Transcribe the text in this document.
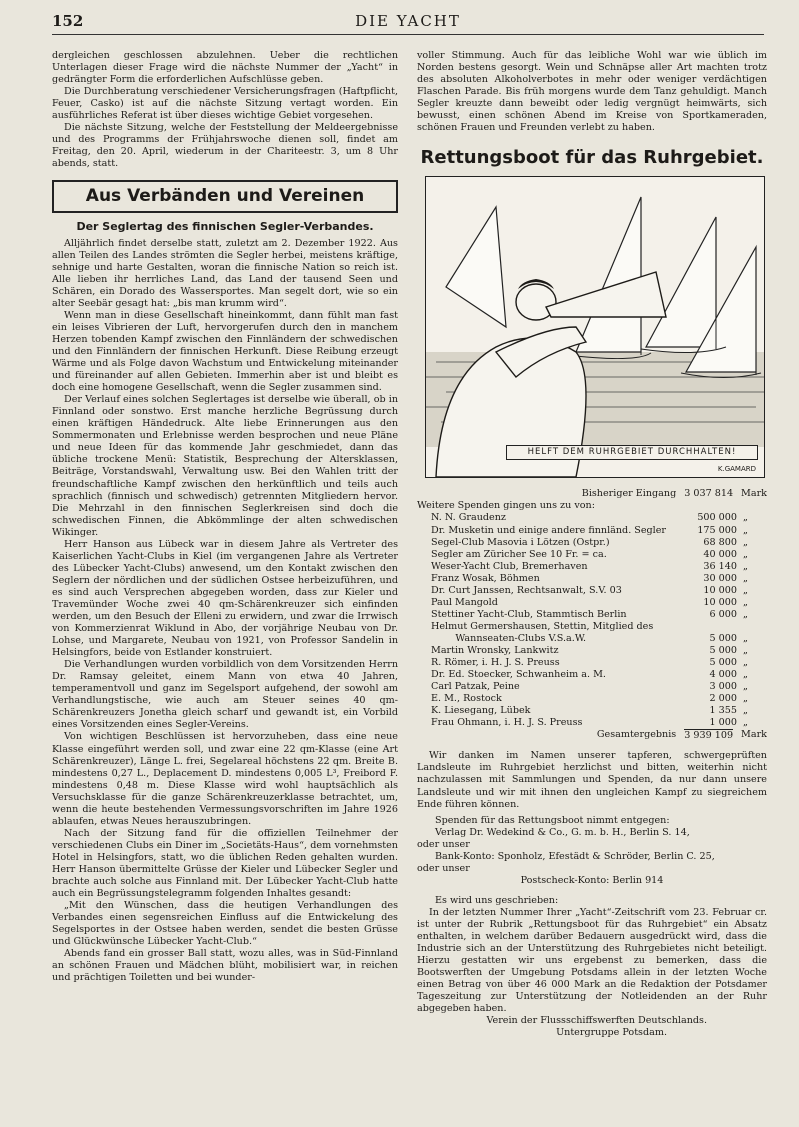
152	DIE YACHT

dergleichen geschlossen abzulehnen. Ueber die rechtlichen Unterlagen dieser Frage wird die nächste Nummer der „Yacht“ in gedrängter Form die erforderlichen Aufschlüsse geben.

Die Durchberatung verschiedener Versicherungsfragen (Haftpflicht, Feuer, Casko) ist auf die nächste Sitzung vertagt worden. Ein ausführliches Referat ist über dieses wichtige Gebiet vorgesehen.

Die nächste Sitzung, welche der Feststellung der Meldeergebnisse und des Programms der Frühjahrswoche dienen soll, findet am Freitag, den 20. April, wiederum in der Chariteestr. 3, um 8 Uhr abends, statt.

Aus Verbänden und Vereinen
Der Seglertag des finnischen Segler-Verbandes.

Alljährlich findet derselbe statt, zuletzt am 2. Dezember 1922. Aus allen Teilen des Landes strömten die Segler herbei, meistens kräftige, sehnige und harte Gestalten, woran die finnische Nation so reich ist. Alle lieben ihr herrliches Land, das Land der tausend Seen und Schären, ein Dorado des Wassersportes. Man segelt dort, wie so ein alter Seebär gesagt hat: „bis man krumm wird“.

Wenn man in diese Gesellschaft hineinkommt, dann fühlt man fast ein leises Vibrieren der Luft, hervorgerufen durch den in manchem Herzen tobenden Kampf zwischen den Finnländern der schwedischen und den Finnländern der finnischen Herkunft. Diese Reibung erzeugt Wärme und als Folge davon Wachstum und Entwickelung miteinander und füreinander auf allen Gebieten. Immerhin aber ist und bleibt es doch eine homogene Gesellschaft, wenn die Segler zusammen sind.

Der Verlauf eines solchen Seglertages ist derselbe wie überall, ob in Finnland oder sonstwo. Erst manche herzliche Begrüssung durch einen kräftigen Händedruck. Alte liebe Erinnerungen aus den Sommermonaten und Erlebnisse werden besprochen und neue Pläne und neue Ideen für das kommende Jahr geschmiedet, dann das übliche trockene Menü: Statistik, Besprechung der Altersklassen, Beiträge, Vorstandswahl, Verwaltung usw. Bei den Wahlen tritt der freundschaftliche Kampf zwischen den herkünftlich und teils auch sprachlich (finnisch und schwedisch) getrennten Mitgliedern hervor. Die Mehrzahl in den finnischen Seglerkreisen sind doch die schwedischen Finnen, die Abkömmlinge der alten schwedischen Wikinger.

Herr Hanson aus Lübeck war in diesem Jahre als Vertreter des Kaiserlichen Yacht-Clubs in Kiel (im vergangenen Jahre als Vertreter des Lübecker Yacht-Clubs) anwesend, um den Kontakt zwischen den Seglern der nördlichen und der südlichen Ostsee herbeizuführen, und es sind auch Versprechen abgegeben worden, dass zur Kieler und Travemünder Woche zwei 40 qm-Schärenkreuzer sich einfinden werden, um den Besuch der Elleni zu erwidern, und zwar die Irrwisch von Kommerzienrat Wiklund in Abo, der vorjährige Neubau von Dr. Lohse, und Margarete, Neubau von 1921, von Professor Sandelin in Helsingfors, beide von Estlander konstruiert.

Die Verhandlungen wurden vorbildlich von dem Vorsitzenden Herrn Dr. Ramsay geleitet, einem Mann von etwa 40 Jahren, temperamentvoll und ganz im Segelsport aufgehend, der sowohl am Verhandlungstische, wie auch am Steuer seines 40 qm-Schärenkreuzers Jonetha gleich scharf und gewandt ist, ein Vorbild eines Vorsitzenden eines Segler-Vereins.

Von wichtigen Beschlüssen ist hervorzuheben, dass eine neue Klasse eingeführt werden soll, und zwar eine 22 qm-Klasse (eine Art Schärenkreuzer), Länge L. frei, Segelareal höchstens 22 qm. Breite B. mindestens 0,27 L., Deplacement D. mindestens 0,005 L³, Freibord F. mindestens 0,48 m. Diese Klasse wird wohl hauptsächlich als Versuchsklasse für die ganze Schärenkreuzerklasse betrachtet, um, wenn die heute bestehenden Vermessungsvorschriften im Jahre 1926 ablaufen, etwas Neues herauszubringen.

Nach der Sitzung fand für die offiziellen Teilnehmer der verschiedenen Clubs ein Diner im „Societäts-Haus“, dem vornehmsten Hotel in Helsingfors, statt, wo die üblichen Reden gehalten wurden. Herr Hanson übermittelte Grüsse der Kieler und Lübecker Segler und brachte auch solche aus Finnland mit. Der Lübecker Yacht-Club hatte auch ein Begrüssungstelegramm folgenden Inhaltes gesandt:

„Mit den Wünschen, dass die heutigen Verhandlungen des Verbandes einen segensreichen Einfluss auf die Entwickelung des Segelsportes in der Ostsee haben werden, sendet die besten Grüsse und Glückwünsche Lübecker Yacht-Club.“

Abends fand ein grosser Ball statt, wozu alles, was in Süd-Finnland an schönen Frauen und Mädchen blüht, mobilisiert war, in reichen und prächtigen Toiletten und bei wunder-

voller Stimmung. Auch für das leibliche Wohl war wie üblich im Norden bestens gesorgt. Wein und Schnäpse aller Art machten trotz des absoluten Alkoholverbotes in mehr oder weniger verdächtigen Flaschen Parade. Bis früh morgens wurde dem Tanz gehuldigt. Manch Segler kreuzte dann beweibt oder ledig vergnügt heimwärts, sich bewusst, einen schönen Abend im Kreise von Sportkameraden, schönen Frauen und Freunden verlebt zu haben.

Rettungsboot für das Ruhrgebiet.
HELFT DEM RUHRGEBIET DURCHHALTEN!
K.GAMARD
Bisheriger Eingang 3 037 814 Mark

Weitere Spenden gingen uns zu von:

N. N. Graudenz	500 000 „
Dr. Musketin und einige andere finnländ. Segler	175 000 „
Segel-Club Masovia i Lötzen (Ostpr.)	68 800 „
Segler am Züricher See 10 Fr. = ca.	40 000 „
Weser-Yacht Club, Bremerhaven	36 140 „
Franz Wosak, Böhmen	30 000 „
Dr. Curt Janssen, Rechtsanwalt, S.V. 03	10 000 „
Paul Mangold	10 000 „
Stettiner Yacht-Club, Stammtisch Berlin	6 000 „
Helmut Germershausen, Stettin, Mitglied des
Wannseaten-Clubs V.S.a.W.	5 000 „
Martin Wronsky, Lankwitz	5 000 „
R. Römer, i. H. J. S. Preuss	5 000 „
Dr. Ed. Stoecker, Schwanheim a. M.	4 000 „
Carl Patzak, Peine	3 000 „
E. M., Rostock	2 000 „
K. Liesegang, Lübek	1 355 „
Frau Ohmann, i. H. J. S. Preuss	1 000 „
Gesamtergebnis 3 939 109 Mark

Wir danken im Namen unserer tapferen, schwergeprüften Landsleute im Ruhrgebiet herzlichst und bitten, weiterhin nicht nachzulassen mit Sammlungen und Spenden, da nur dann unsere Landsleute und wir mit ihnen den ungleichen Kampf zu siegreichem Ende führen können.

Spenden für das Rettungsboot nimmt entgegen:

Verlag Dr. Wedekind & Co., G. m. b. H., Berlin S. 14,

oder unser

Bank-Konto: Sponholz, Efestädt & Schröder, Berlin C. 25,

oder unser

Postscheck-Konto: Berlin 914

Es wird uns geschrieben:

In der letzten Nummer Ihrer „Yacht“-Zeitschrift vom 23. Februar cr. ist unter der Rubrik „Rettungsboot für das Ruhrgebiet“ ein Absatz enthalten, in welchem darüber Bedauern ausgedrückt wird, dass die Industrie sich an der Unterstützung des Ruhrgebietes nicht beteiligt. Hierzu gestatten wir uns ergebenst zu bemerken, dass die Bootswerften der Umgebung Potsdams allein in der letzten Woche einen Betrag von über 46 000 Mark an die Redaktion der Potsdamer Tageszeitung zur Unterstützung der Notleidenden an der Ruhr abgegeben haben.

Verein der Flussschiffswerften Deutschlands.

Untergruppe Potsdam.
